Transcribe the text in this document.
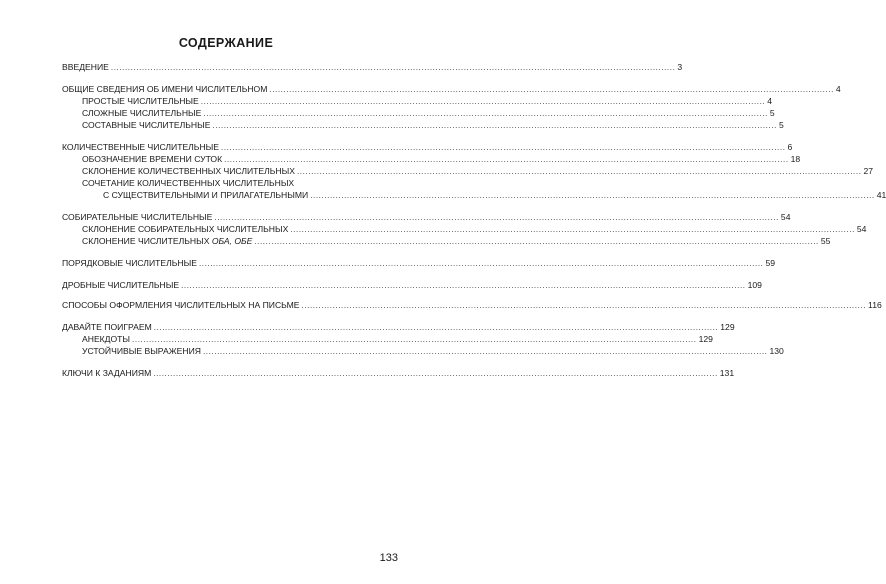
СОДЕРЖАНИЕ
ВВЕДЕНИЕ ........................................................................................................................................................................................................ 3
ОБЩИЕ СВЕДЕНИЯ ОБ ИМЕНИ ЧИСЛИТЕЛЬНОМ ........................................................................................................................................................................................................ 4
ПРОСТЫЕ ЧИСЛИТЕЛЬНЫЕ ........................................................................................................................................................................................................ 4
СЛОЖНЫЕ ЧИСЛИТЕЛЬНЫЕ ........................................................................................................................................................................................................ 5
СОСТАВНЫЕ ЧИСЛИТЕЛЬНЫЕ ........................................................................................................................................................................................................ 5
КОЛИЧЕСТВЕННЫЕ ЧИСЛИТЕЛЬНЫЕ ........................................................................................................................................................................................................ 6
ОБОЗНАЧЕНИЕ ВРЕМЕНИ СУТОК ........................................................................................................................................................................................................ 18
СКЛОНЕНИЕ КОЛИЧЕСТВЕННЫХ ЧИСЛИТЕЛЬНЫХ ........................................................................................................................................................................................................ 27
СОЧЕТАНИЕ КОЛИЧЕСТВЕННЫХ ЧИСЛИТЕЛЬНЫХ
С СУЩЕСТВИТЕЛЬНЫМИ И ПРИЛАГАТЕЛЬНЫМИ ........................................................................................................................................................................................................ 41
СОБИРАТЕЛЬНЫЕ ЧИСЛИТЕЛЬНЫЕ ........................................................................................................................................................................................................ 54
СКЛОНЕНИЕ СОБИРАТЕЛЬНЫХ ЧИСЛИТЕЛЬНЫХ ........................................................................................................................................................................................................ 54
СКЛОНЕНИЕ ЧИСЛИТЕЛЬНЫХ ОБА, ОБЕ ........................................................................................................................................................................................................ 55
ПОРЯДКОВЫЕ ЧИСЛИТЕЛЬНЫЕ ........................................................................................................................................................................................................ 59
ДРОБНЫЕ ЧИСЛИТЕЛЬНЫЕ ........................................................................................................................................................................................................ 109
СПОСОБЫ ОФОРМЛЕНИЯ ЧИСЛИТЕЛЬНЫХ НА ПИСЬМЕ ........................................................................................................................................................................................................ 116
ДАВАЙТЕ ПОИГРАЕМ ........................................................................................................................................................................................................ 129
АНЕКДОТЫ ........................................................................................................................................................................................................ 129
УСТОЙЧИВЫЕ ВЫРАЖЕНИЯ ........................................................................................................................................................................................................ 130
КЛЮЧИ К ЗАДАНИЯМ ........................................................................................................................................................................................................ 131
133
